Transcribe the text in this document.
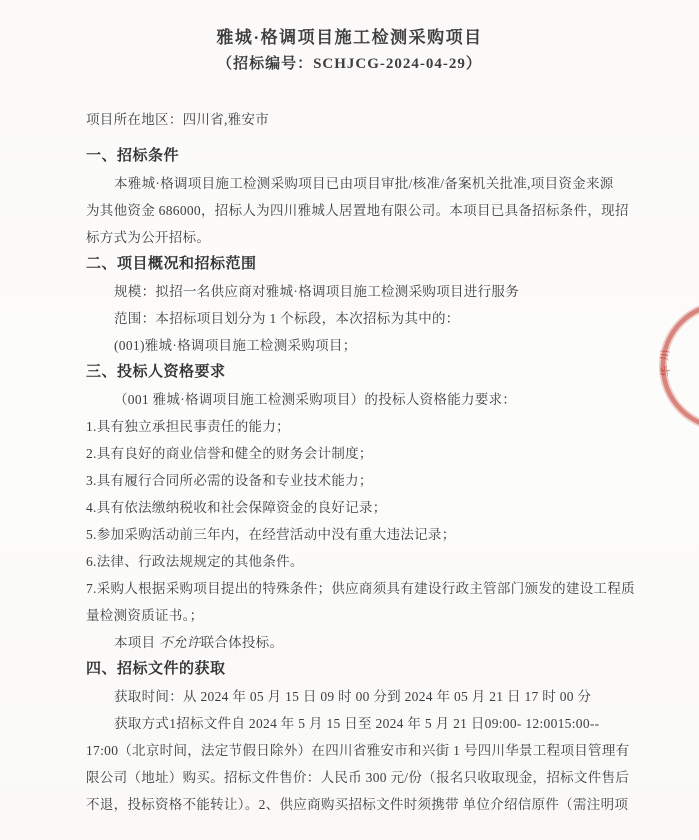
雅城·格调项目施工检测采购项目
（招标编号：SCHJCG-2024-04-29）
项目所在地区：四川省,雅安市
一、招标条件
本雅城·格调项目施工检测采购项目已由项目审批/核准/备案机关批准,项目资金来源
为其他资金 686000，招标人为四川雅城人居置地有限公司。本项目已具备招标条件，现招
标方式为公开招标。
二、项目概况和招标范围
规模：拟招一名供应商对雅城·格调项目施工检测采购项目进行服务
范围：本招标项目划分为 1 个标段，本次招标为其中的：
(001)雅城·格调项目施工检测采购项目；
三、投标人资格要求
（001 雅城·格调项目施工检测采购项目）的投标人资格能力要求：
1.具有独立承担民事责任的能力；
2.具有良好的商业信誉和健全的财务会计制度；
3.具有履行合同所必需的设备和专业技术能力；
4.具有依法缴纳税收和社会保障资金的良好记录；
5.参加采购活动前三年内，在经营活动中没有重大违法记录；
6.法律、行政法规规定的其他条件。
7.采购人根据采购项目提出的特殊条件；供应商须具有建设行政主管部门颁发的建设工程质
量检测资质证书。；
本项目 不允许联合体投标。
四、招标文件的获取
获取时间：从 2024 年 05 月 15 日 09 时 00 分到 2024 年 05 月 21 日 17 时 00 分
获取方式1招标文件自 2024 年 5 月 15 日至 2024 年 5 月 21 日09:00- 12:0015:00--
17:00（北京时间，法定节假日除外）在四川省雅安市和兴街 1 号四川华景工程项目管理有
限公司（地址）购买。招标文件售价：人民币 300 元/份（报名只收取现金，招标文件售后
不退，投标资格不能转让）。2、供应商购买招标文件时须携带 单位介绍信原件（需注明项
川
华
